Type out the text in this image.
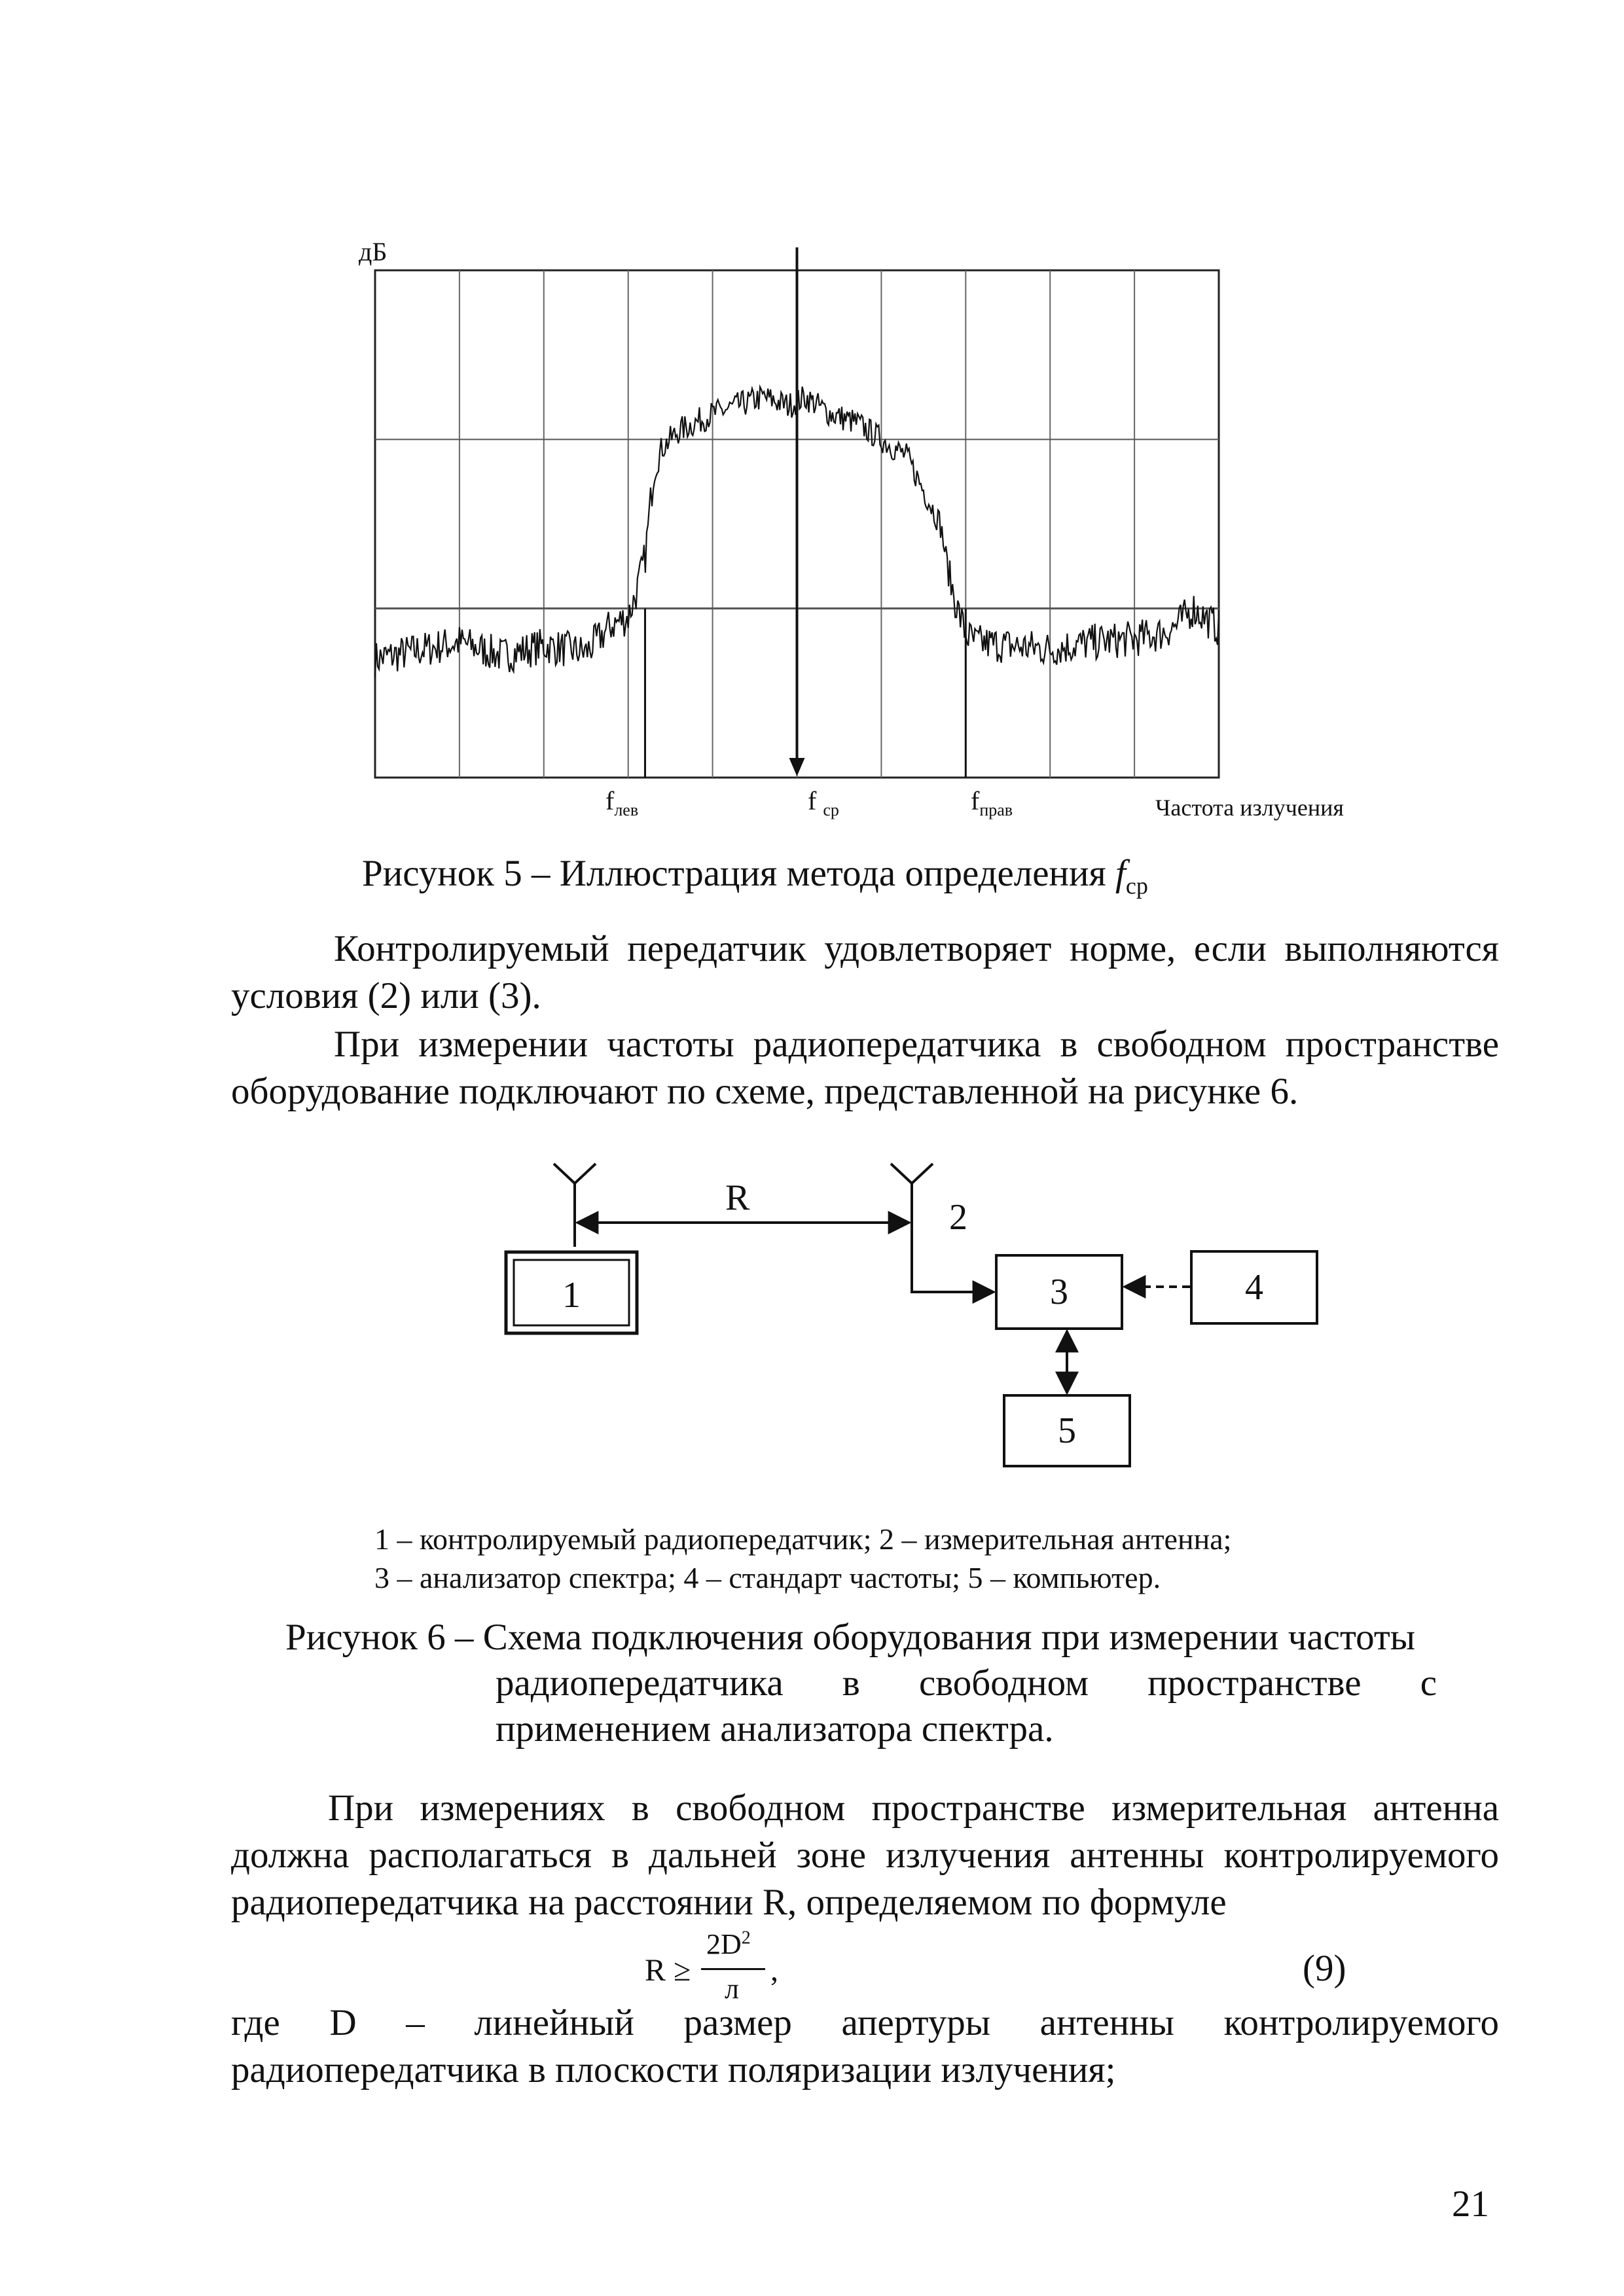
дБ
Частота излучения
$f_{лев}$	f $_{ср}$	$f_{прав}$
Рисунок 5 – Иллюстрация метода определения $f_{ср}$
Контролируемый передатчик удовлетворяет норме, если выполняются условия (2) или (3).
При измерении частоты радиопередатчика в свободном пространстве оборудование подключают по схеме, представленной на рисунке 6.
R	2
1	3	4
5
1 – контролируемый радиопередатчик; 2 – измерительная антенна;
3 – анализатор спектра; 4 – стандарт частоты; 5 – компьютер.
Рисунок 6 – Схема подключения оборудования при измерении частоты
радиопередатчика в свободном пространстве с
применением анализатора спектра.
При измерениях в свободном пространстве измерительная антенна должна располагаться в дальней зоне излучения антенны контролируемого радиопередатчика на расстоянии R, определяемом по формуле
R ≥
$2D^2$
л
,	(9)
где D – линейный размер апертуры антенны контролируемого
радиопередатчика в плоскости поляризации излучения;
21
